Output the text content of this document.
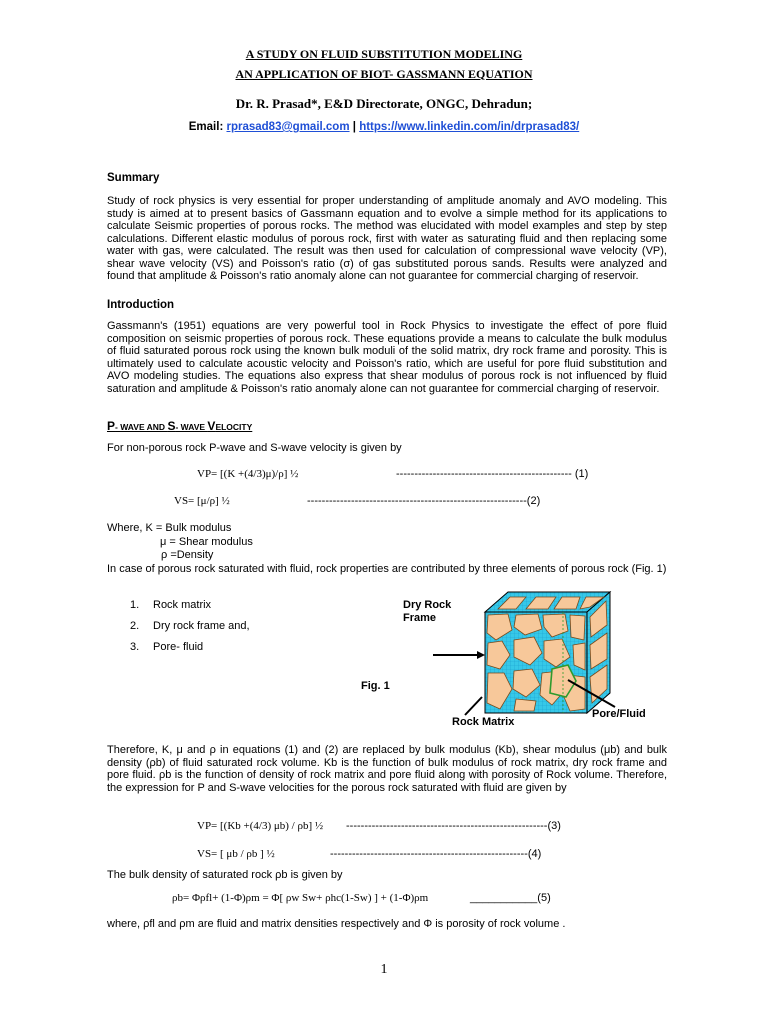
A STUDY ON FLUID SUBSTITUTION MODELING

AN APPLICATION OF BIOT- GASSMANN EQUATION

Dr. R. Prasad*, E&D Directorate, ONGC, Dehradun;

Email: rprasad83@gmail.com | https://www.linkedin.com/in/drprasad83/

Summary

Study of rock physics is very essential for proper understanding of amplitude anomaly and AVO modeling. This study is aimed at to present basics of Gassmann equation and to evolve a simple method for its applications to calculate Seismic properties of porous rocks. The method was elucidated with model examples and step by step calculations. Different elastic modulus of porous rock, first with water as saturating fluid and then replacing some water with gas, were calculated. The result was then used for calculation of compressional wave velocity (VP), shear wave velocity (VS) and Poisson's ratio (σ) of gas substituted porous sands. Results were analyzed and found that amplitude & Poisson's ratio anomaly alone can not guarantee for commercial charging of reservoir.

Introduction

Gassmann's (1951) equations are very powerful tool in Rock Physics to investigate the effect of pore fluid composition on seismic properties of porous rock. These equations provide a means to calculate the bulk modulus of fluid saturated porous rock using the known bulk moduli of the solid matrix, dry rock frame and porosity. This is ultimately used to calculate acoustic velocity and Poisson's ratio, which are useful for pore fluid substitution and AVO modeling studies. The equations also express that shear modulus of porous rock is not influenced by fluid saturation and amplitude & Poisson's ratio anomaly alone can not guarantee for commercial charging of reservoir.

P- WAVE AND S- WAVE VELOCITY

For non-porous rock P-wave and S-wave velocity is given by

VP= [(K +(4/3)μ)/ρ] ½	------------------------------------------------ (1)

VS= [μ/ρ] ½	------------------------------------------------------------(2)

Where, K = Bulk modulus

μ = Shear modulus

ρ =Density

In case of porous rock saturated with fluid, rock properties are contributed by three elements of porous rock (Fig. 1)

1. Rock matrix
2. Dry rock frame and,
3. Pore- fluid

Dry Rock

Frame

Fig. 1

Rock Matrix

Pore/Fluid

Therefore, K, μ and ρ in equations (1) and (2) are replaced by bulk modulus (Kb), shear modulus (μb) and bulk density (ρb) of fluid saturated rock volume. Kb is the function of bulk modulus of rock matrix, dry rock frame and pore fluid. ρb is the function of density of rock matrix and pore fluid along with porosity of Rock volume. Therefore, the expression for P and S-wave velocities for the porous rock saturated with fluid are given by

VP= [(Kb +(4/3) μb) / ρb] ½ -------------------------------------------------------(3)

VS= [ μb / ρb ] ½	------------------------------------------------------(4)

The bulk density of saturated rock ρb is given by

ρb= Φρfl+ (1-Φ)ρm = Φ[ ρw Sw+ ρhc(1-Sw) ] + (1-Φ)ρm	___________(5)

where, ρfl and ρm are fluid and matrix densities respectively and Φ is porosity of rock volume .

1
